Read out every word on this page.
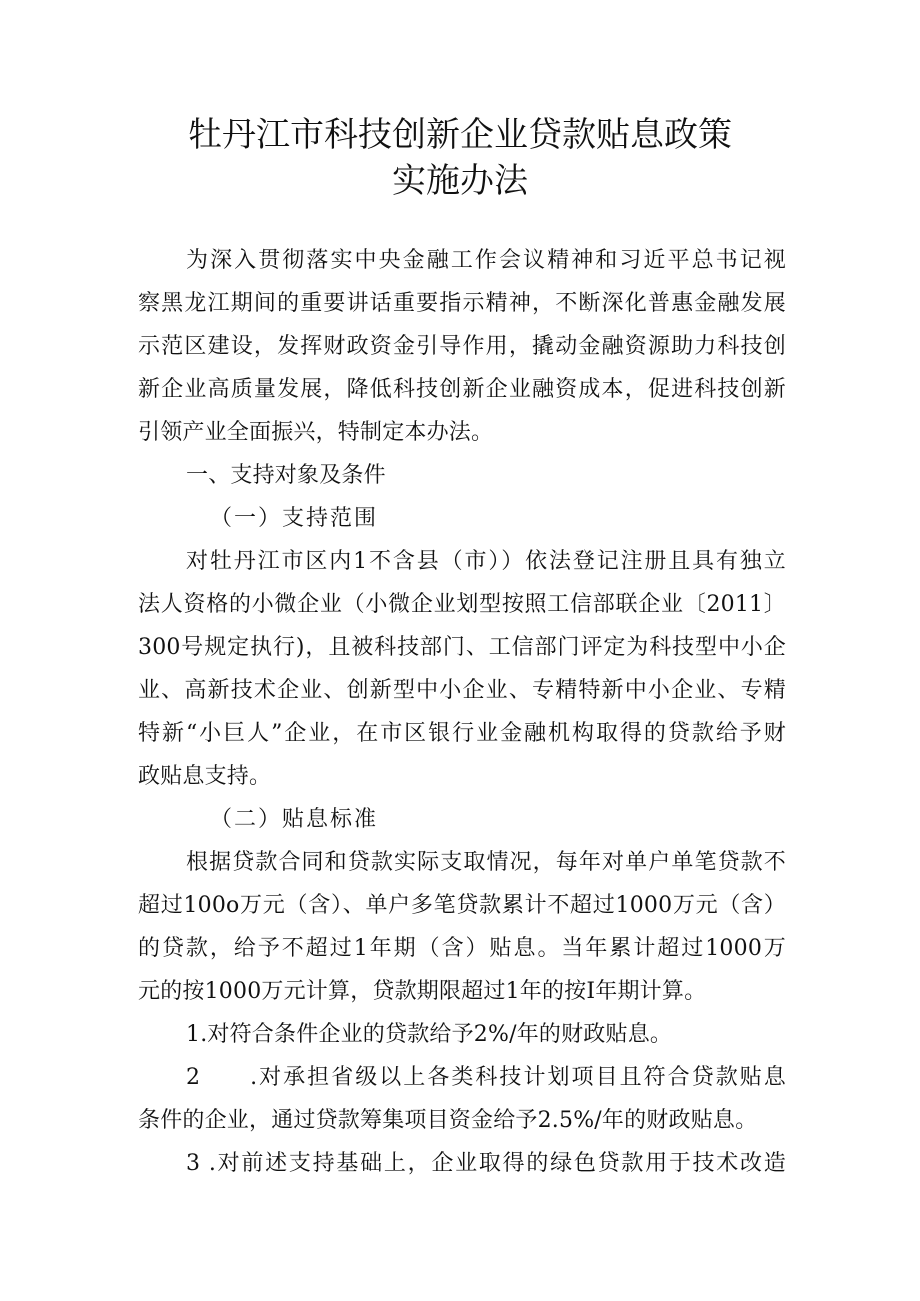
牡丹江市科技创新企业贷款贴息政策
实施办法
为深入贯彻落实中央金融工作会议精神和习近平总书记视
察黑龙江期间的重要讲话重要指示精神，不断深化普惠金融发展
示范区建设，发挥财政资金引导作用，撬动金融资源助力科技创
新企业高质量发展，降低科技创新企业融资成本，促进科技创新
引领产业全面振兴，特制定本办法。
一、支持对象及条件
（一）支持范围
对牡丹江市区内1不含县（市））依法登记注册且具有独立
法人资格的小微企业（小微企业划型按照工信部联企业〔2011〕
300号规定执行)，且被科技部门、工信部门评定为科技型中小企
业、高新技术企业、创新型中小企业、专精特新中小企业、专精
特新“小巨人”企业，在市区银行业金融机构取得的贷款给予财
政贴息支持。
（二）贴息标准
根据贷款合同和贷款实际支取情况，每年对单户单笔贷款不
超过100o万元（含）、单户多笔贷款累计不超过1000万元（含）
的贷款，给予不超过1年期（含）贴息。当年累计超过1000万
元的按1000万元计算，贷款期限超过1年的按I年期计算。
1.对符合条件企业的贷款给予2%/年的财政贴息。
2　　.对承担省级以上各类科技计划项目且符合贷款贴息
条件的企业，通过贷款筹集项目资金给予2.5%/年的财政贴息。
3 .对前述支持基础上，企业取得的绿色贷款用于技术改造
